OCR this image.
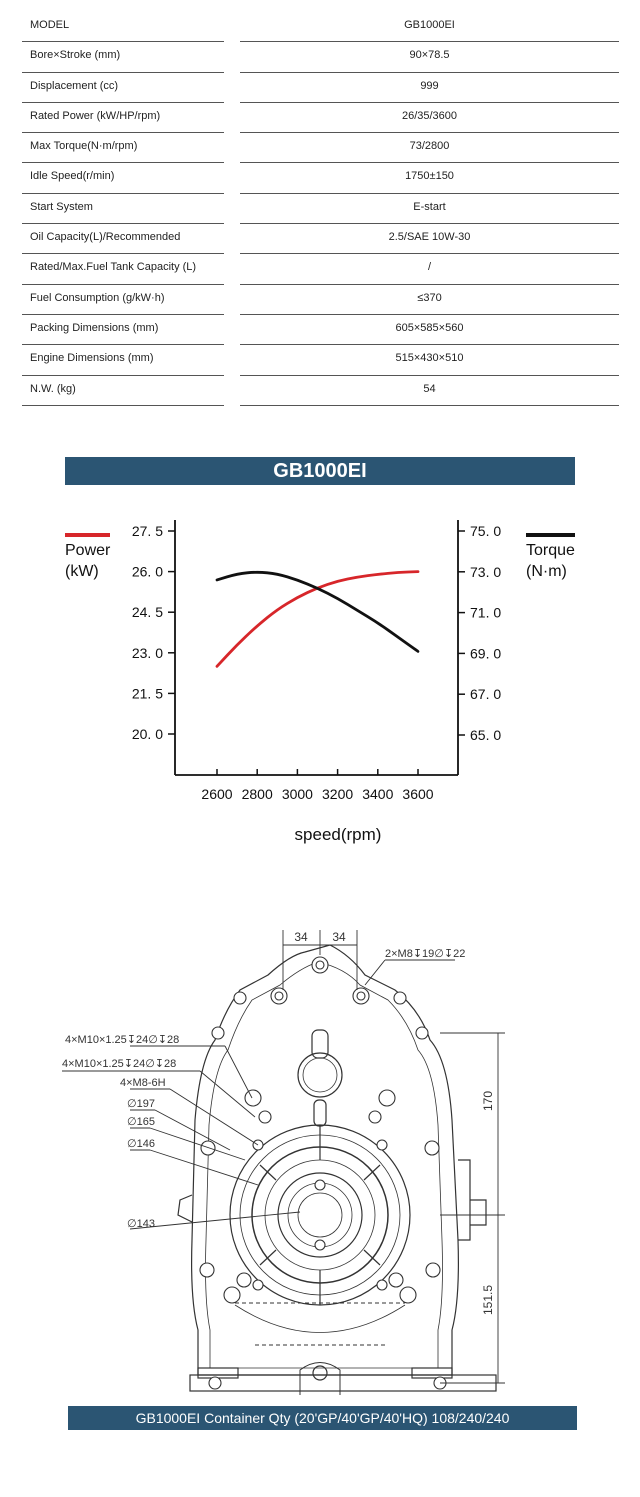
MODEL	GB1000EI
Bore×Stroke (mm)	90×78.5
Displacement (cc)	999
Rated Power (kW/HP/rpm)	26/35/3600
Max Torque(N·m/rpm)	73/2800
Idle Speed(r/min)	1750±150
Start System	E-start
Oil Capacity(L)/Recommended	2.5/SAE 10W-30
Rated/Max.Fuel Tank Capacity (L)	/
Fuel Consumption (g/kW·h)	≤370
Packing Dimensions (mm)	605×585×560
Engine Dimensions (mm)	515×430×510
N.W. (kg)	54
GB1000EI
27. 5
26. 0
24. 5
23. 0
21. 5
20. 0
75. 0
73. 0
71. 0
69. 0
67. 0
65. 0
2600 2800 3000 3200 3400 3600
Power
(kW)
Torque
(N·m)
speed(rpm)
34 34
2×M8↧19∅↧22
4×M10×1.25↧24∅↧28
4×M10×1.25↧24∅↧28
4×M8-6H
∅197
∅165
∅146
∅143
170
151.5
GB1000EI Container Qty (20'GP/40'GP/40'HQ) 108/240/240
